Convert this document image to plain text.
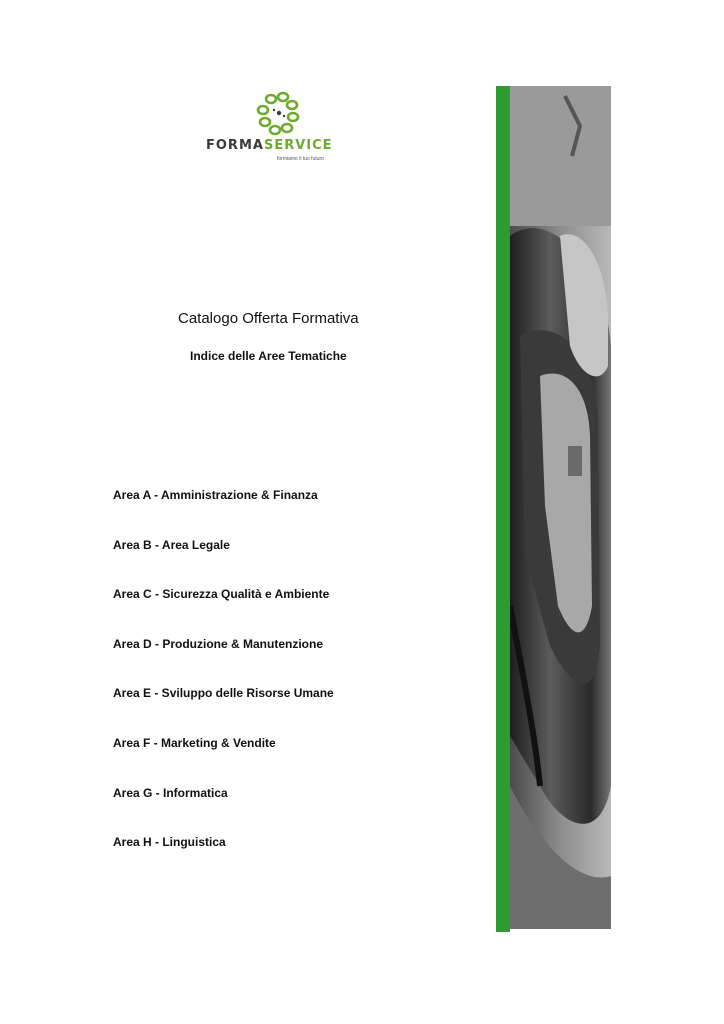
FORMASERVICE
formiamo il tuo futuro
Catalogo Offerta Formativa
Indice delle Aree Tematiche
Area A - Amministrazione & Finanza
Area B - Area Legale
Area C - Sicurezza Qualità e Ambiente
Area D - Produzione & Manutenzione
Area E - Sviluppo delle Risorse Umane
Area F - Marketing & Vendite
Area G - Informatica
Area H - Linguistica
